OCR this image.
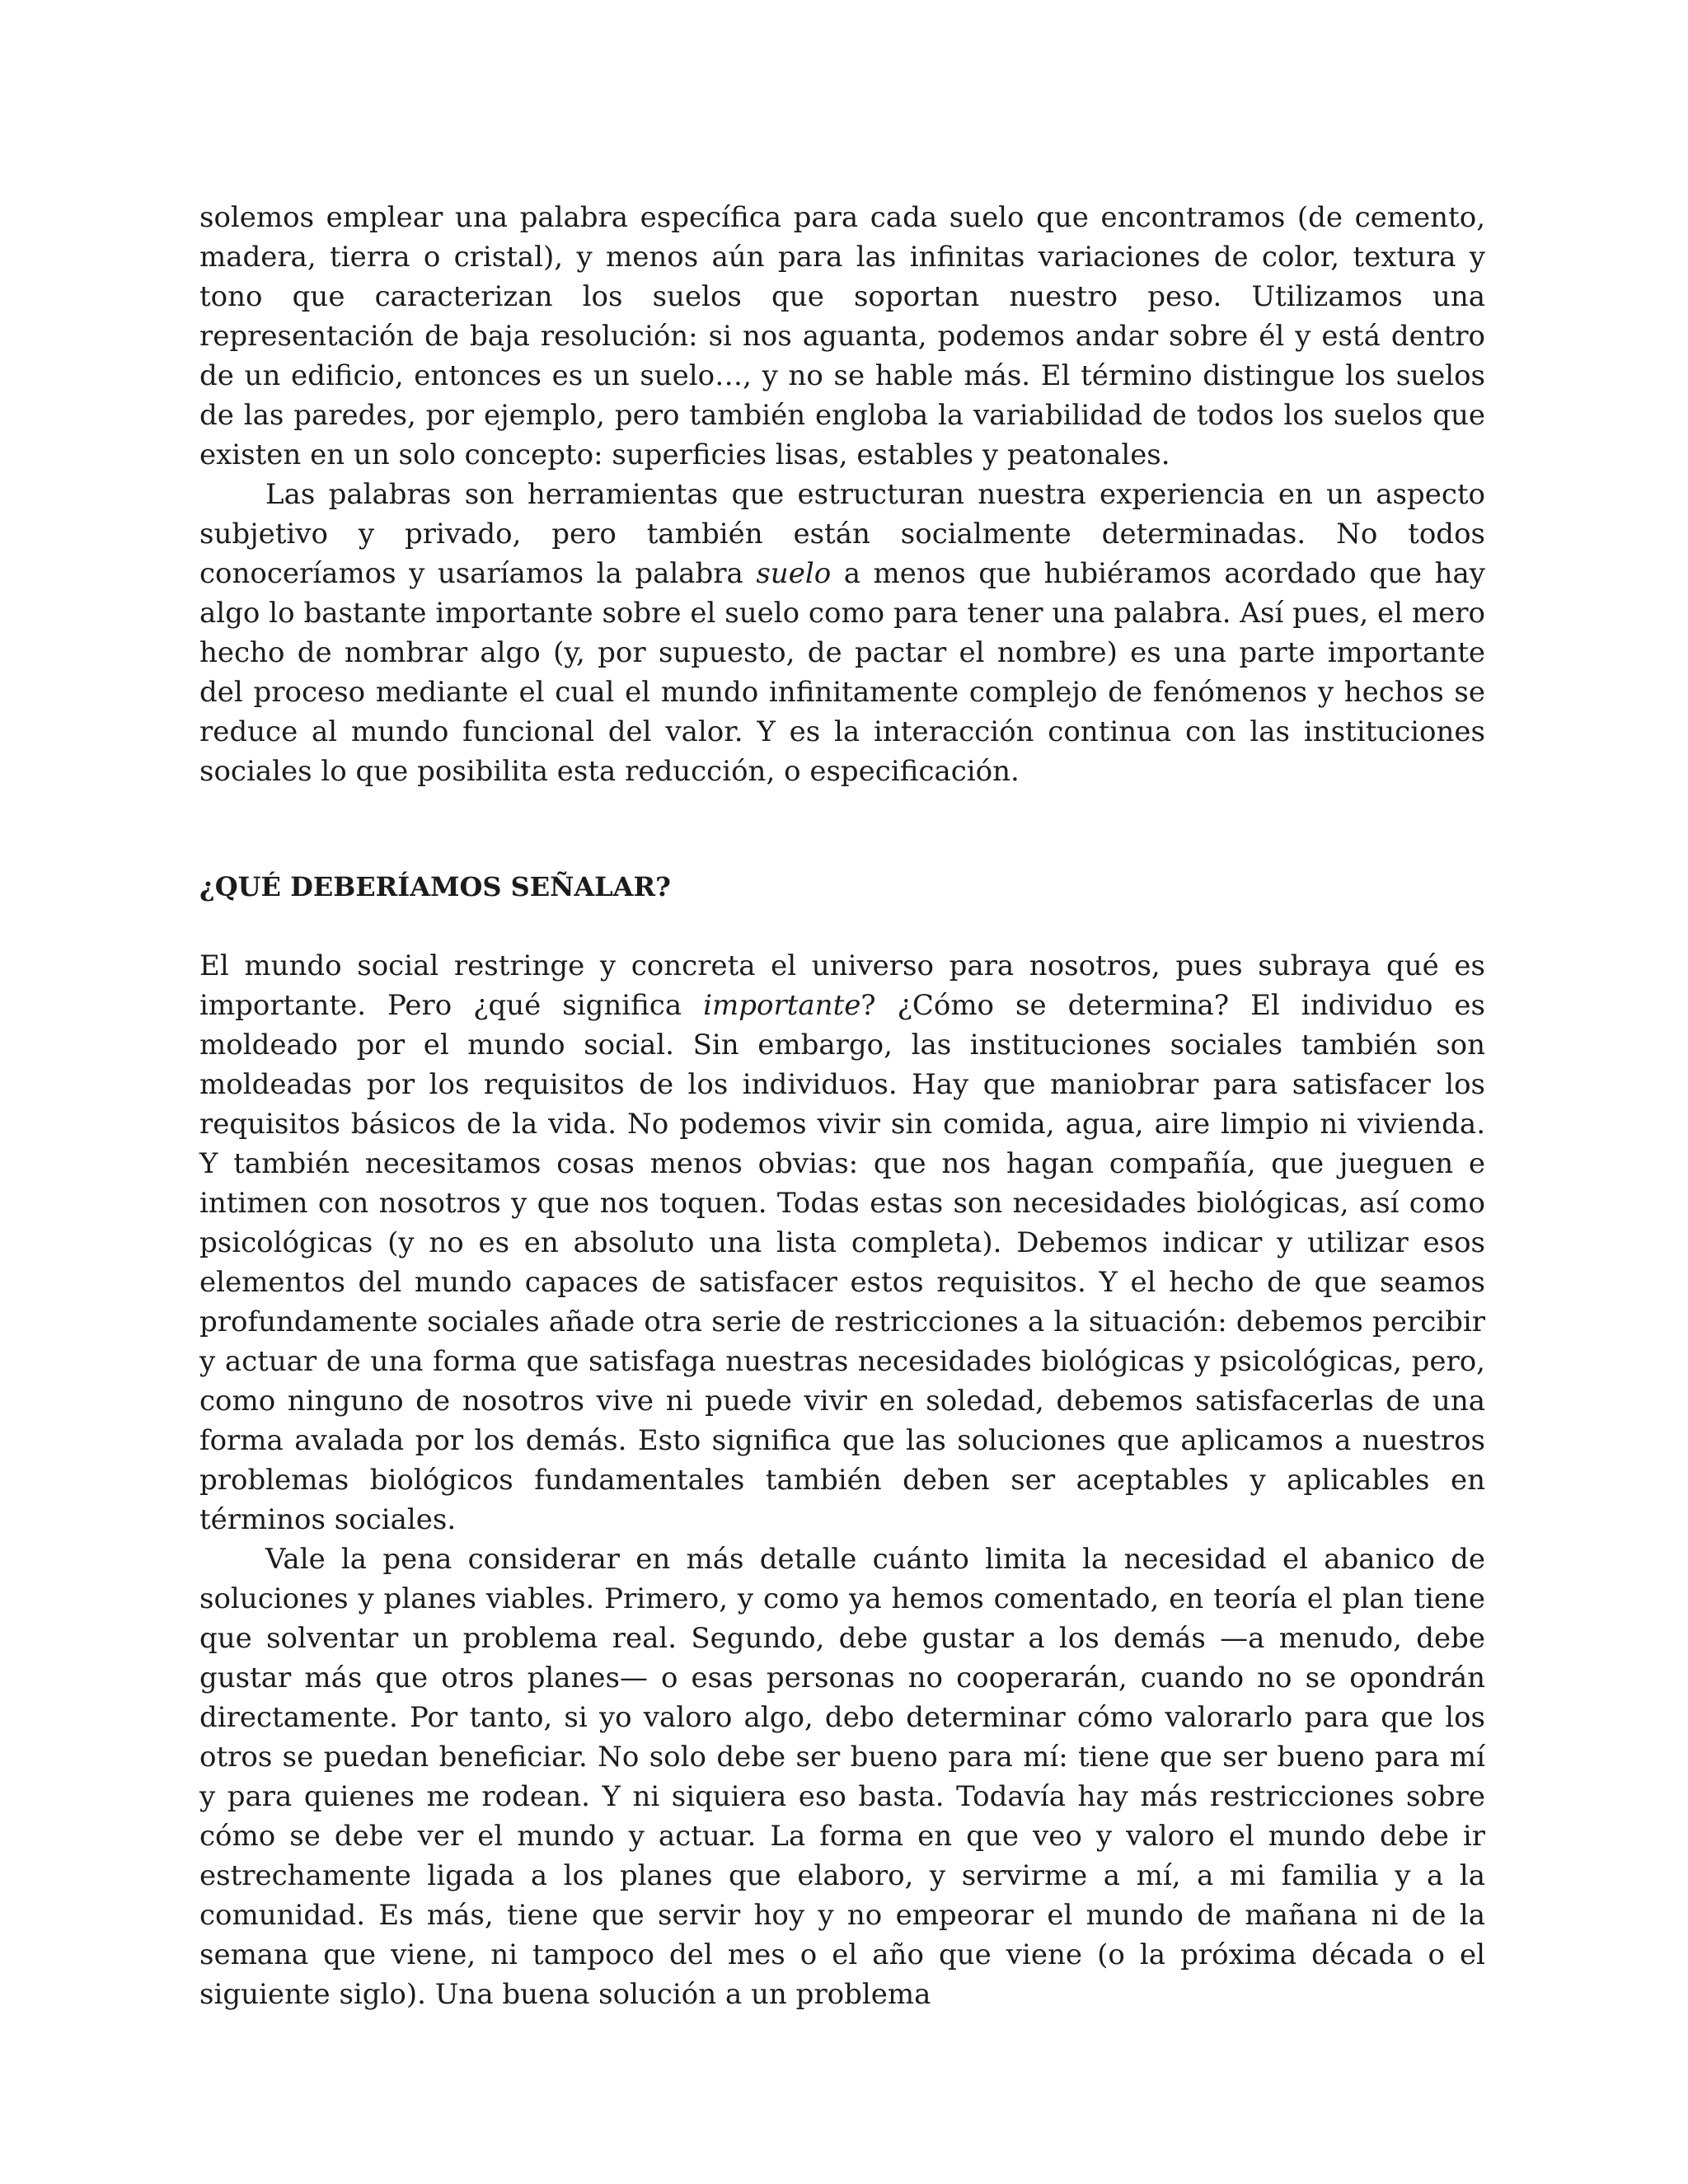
solemos emplear una palabra específica para cada suelo que encontramos (de cemento, madera, tierra o cristal), y menos aún para las infinitas variaciones de color, textura y tono que caracterizan los suelos que soportan nuestro peso. Utilizamos una representación de baja resolución: si nos aguanta, podemos andar sobre él y está dentro de un edificio, entonces es un suelo…, y no se hable más. El término distingue los suelos de las paredes, por ejemplo, pero también engloba la variabilidad de todos los suelos que existen en un solo concepto: superficies lisas, estables y peatonales.

Las palabras son herramientas que estructuran nuestra experiencia en un aspecto subjetivo y privado, pero también están socialmente determinadas. No todos conoceríamos y usaríamos la palabra suelo a menos que hubiéramos acordado que hay algo lo bastante importante sobre el suelo como para tener una palabra. Así pues, el mero hecho de nombrar algo (y, por supuesto, de pactar el nombre) es una parte importante del proceso mediante el cual el mundo infinitamente complejo de fenómenos y hechos se reduce al mundo funcional del valor. Y es la interacción continua con las instituciones sociales lo que posibilita esta reducción, o especificación.

¿QUÉ DEBERÍAMOS SEÑALAR?

El mundo social restringe y concreta el universo para nosotros, pues subraya qué es importante. Pero ¿qué significa importante? ¿Cómo se determina? El individuo es moldeado por el mundo social. Sin embargo, las instituciones sociales también son moldeadas por los requisitos de los individuos. Hay que maniobrar para satisfacer los requisitos básicos de la vida. No podemos vivir sin comida, agua, aire limpio ni vivienda. Y también necesitamos cosas menos obvias: que nos hagan compañía, que jueguen e intimen con nosotros y que nos toquen. Todas estas son necesidades biológicas, así como psicológicas (y no es en absoluto una lista completa). Debemos indicar y utilizar esos elementos del mundo capaces de satisfacer estos requisitos. Y el hecho de que seamos profundamente sociales añade otra serie de restricciones a la situación: debemos percibir y actuar de una forma que satisfaga nuestras necesidades biológicas y psicológicas, pero, como ninguno de nosotros vive ni puede vivir en soledad, debemos satisfacerlas de una forma avalada por los demás. Esto significa que las soluciones que aplicamos a nuestros problemas biológicos fundamentales también deben ser aceptables y aplicables en términos sociales.

Vale la pena considerar en más detalle cuánto limita la necesidad el abanico de soluciones y planes viables. Primero, y como ya hemos comentado, en teoría el plan tiene que solventar un problema real. Segundo, debe gustar a los demás —a menudo, debe gustar más que otros planes— o esas personas no cooperarán, cuando no se opondrán directamente. Por tanto, si yo valoro algo, debo determinar cómo valorarlo para que los otros se puedan beneficiar. No solo debe ser bueno para mí: tiene que ser bueno para mí y para quienes me rodean. Y ni siquiera eso basta. Todavía hay más restricciones sobre cómo se debe ver el mundo y actuar. La forma en que veo y valoro el mundo debe ir estrechamente ligada a los planes que elaboro, y servirme a mí, a mi familia y a la comunidad. Es más, tiene que servir hoy y no empeorar el mundo de mañana ni de la semana que viene, ni tampoco del mes o el año que viene (o la próxima década o el siguiente siglo). Una buena solución a un problema
